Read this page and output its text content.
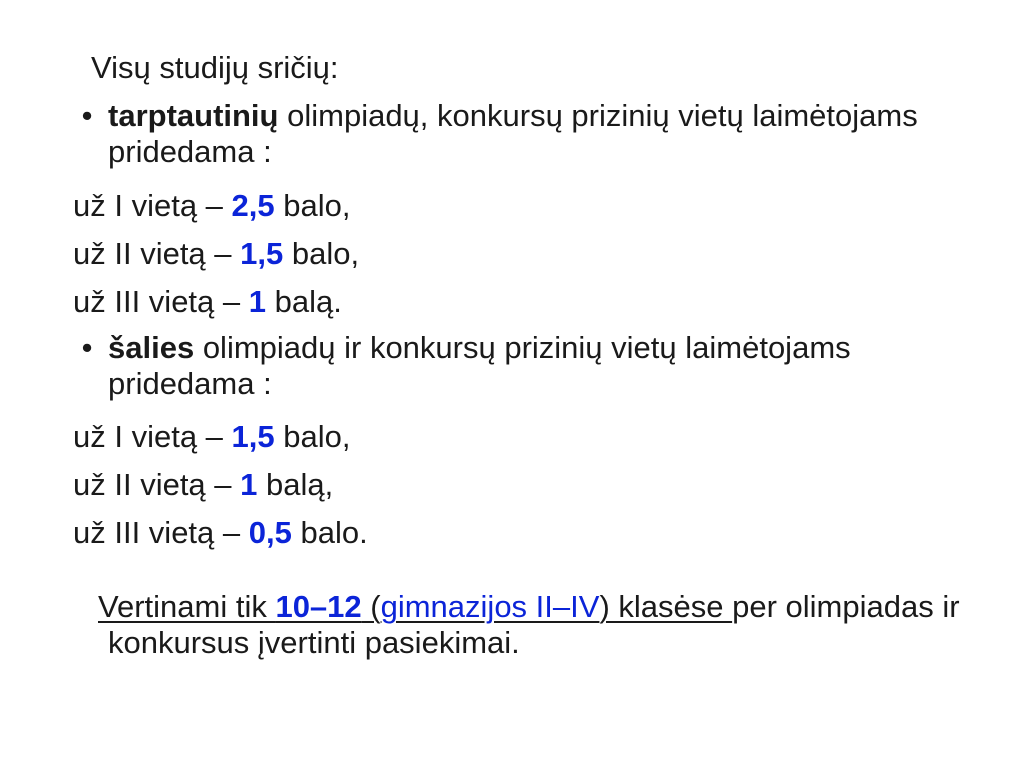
Visų studijų sričių:
• tarptautinių olimpiadų, konkursų prizinių vietų laimėtojams pridedama :
už I vietą – 2,5 balo,
už II vietą – 1,5 balo,
už III vietą – 1 balą.
• šalies olimpiadų ir konkursų prizinių vietų laimėtojams pridedama :
už I vietą – 1,5 balo,
už II vietą – 1 balą,
už III vietą – 0,5 balo.
Vertinami tik 10–12 (gimnazijos II–IV) klasėse per olimpiadas ir konkursus įvertinti pasiekimai.
